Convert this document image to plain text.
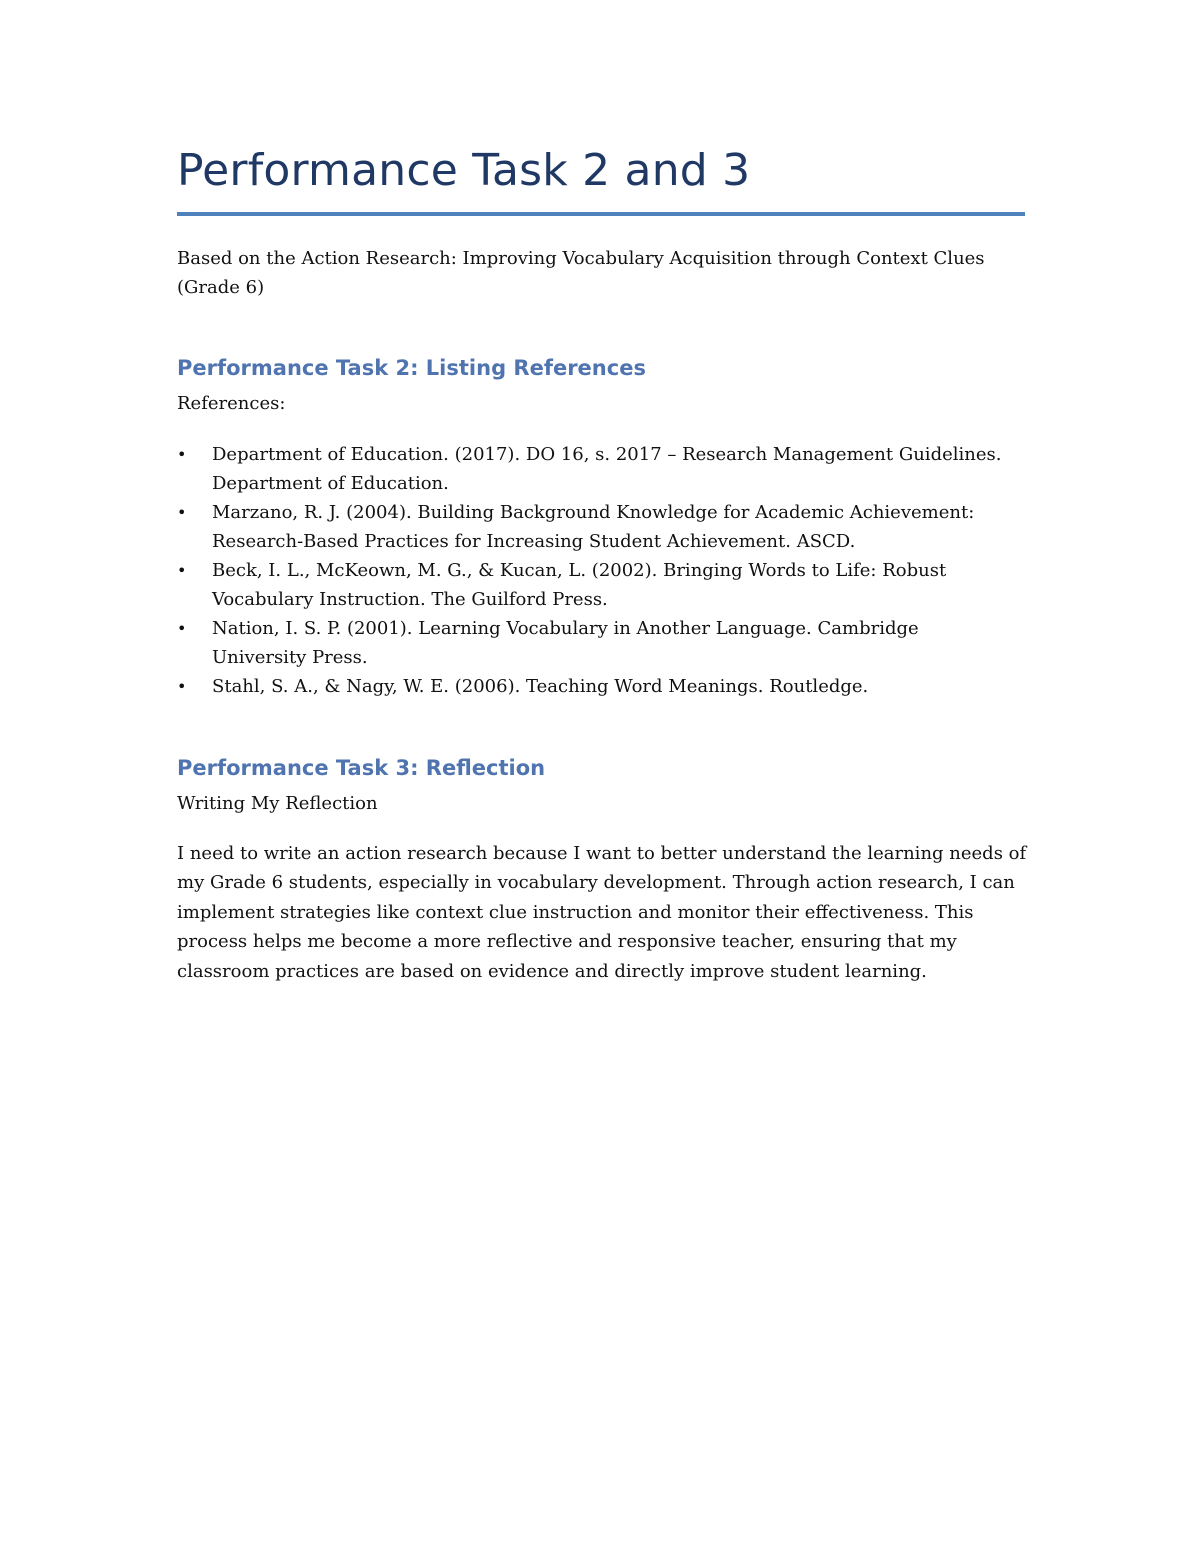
Performance Task 2 and 3

Based on the Action Research: Improving Vocabulary Acquisition through Context Clues (Grade 6)

Performance Task 2: Listing References

References:

• Department of Education. (2017). DO 16, s. 2017 – Research Management Guidelines. Department of Education.
• Marzano, R. J. (2004). Building Background Knowledge for Academic Achievement: Research-Based Practices for Increasing Student Achievement. ASCD.
• Beck, I. L., McKeown, M. G., & Kucan, L. (2002). Bringing Words to Life: Robust Vocabulary Instruction. The Guilford Press.
• Nation, I. S. P. (2001). Learning Vocabulary in Another Language. Cambridge University Press.
• Stahl, S. A., & Nagy, W. E. (2006). Teaching Word Meanings. Routledge.
Performance Task 3: Reflection

Writing My Reflection

I need to write an action research because I want to better understand the learning needs of my Grade 6 students, especially in vocabulary development. Through action research, I can implement strategies like context clue instruction and monitor their effectiveness. This process helps me become a more reflective and responsive teacher, ensuring that my classroom practices are based on evidence and directly improve student learning.
